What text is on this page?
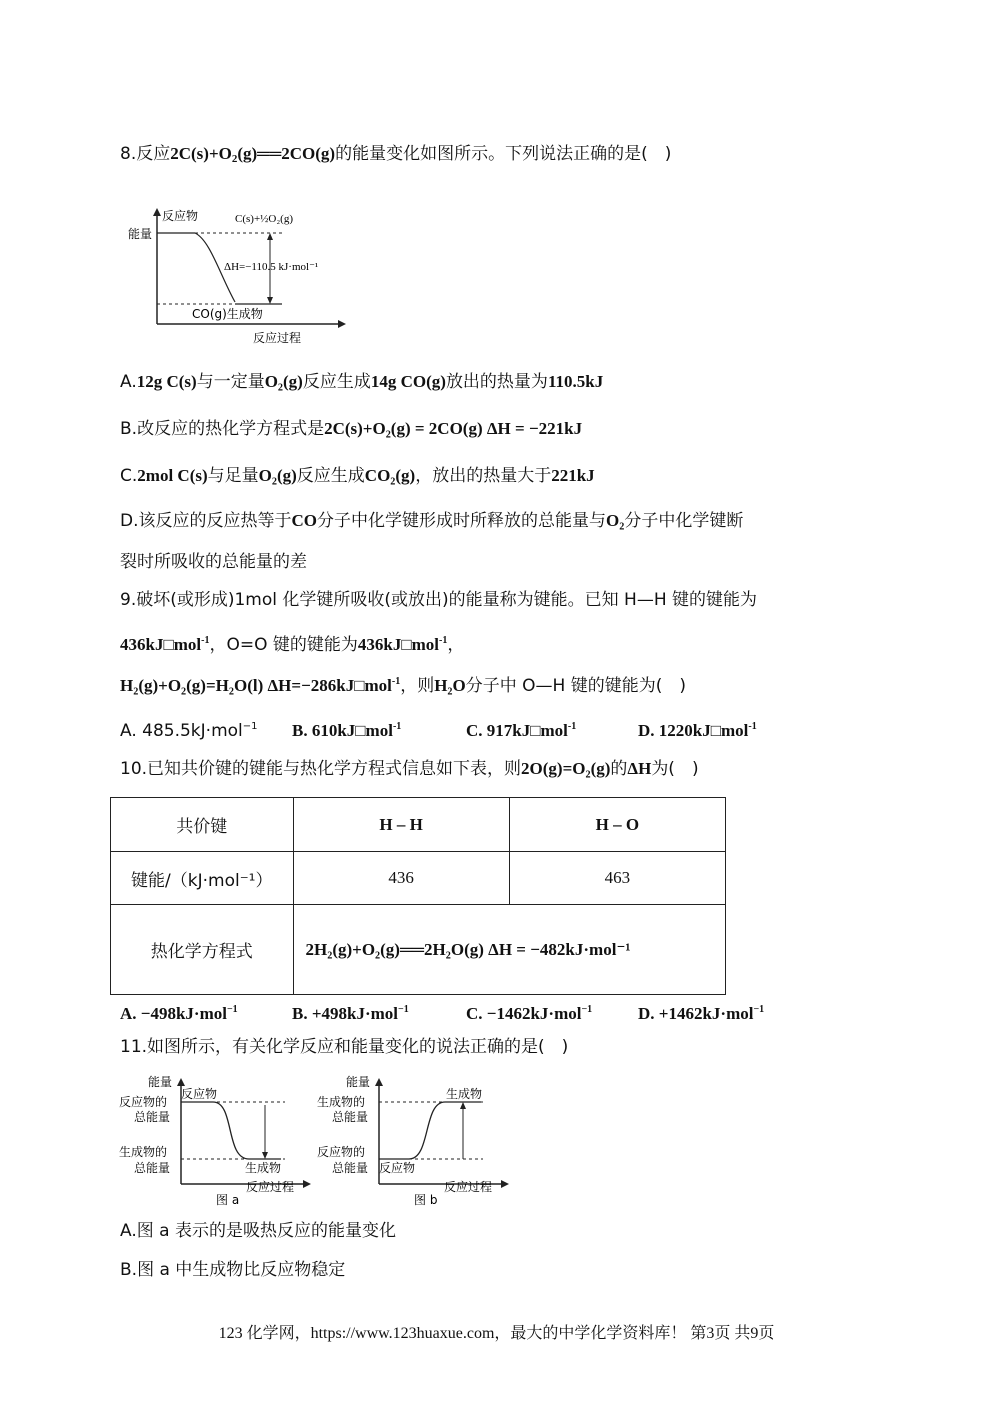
8.反应$2C(s)+O_2(g)══2CO(g)$的能量变化如图所示。下列说法正确的是(　)
能量
反应物	C(s)+½O₂(g)
ΔH=−110.5 kJ·mol⁻¹
CO(g)生成物
反应过程
A.12g C(s)与一定量O₂(g)反应生成14g CO(g)放出的热量为110.5kJ
B.改反应的热化学方程式是2C(s)+O₂(g) = 2CO(g) ΔH = −221kJ
C.2mol C(s)与足量O₂(g)反应生成CO₂(g)，放出的热量大于221kJ
D.该反应的反应热等于CO分子中化学键形成时所释放的总能量与O₂分子中化学键断
裂时所吸收的总能量的差
9.破坏(或形成)1mol 化学键所吸收(或放出)的能量称为键能。已知 H—H 键的键能为
436kJ□mol$^{-1}$，O=O 键的键能为436kJ□mol$^{-1}$，
H₂(g)+O₂(g)=H₂O(l) ΔH=−286kJ□mol$^{-1}$，则H₂O分子中 O—H 键的键能为(　)
A. 485.5kJ·mol$^{-1}$ B. 610kJ□mol$^{-1}$	C. 917kJ□mol$^{-1}$	D. 1220kJ□mol$^{-1}$
10.已知共价键的键能与热化学方程式信息如下表，则2O(g)=O₂(g)的ΔH为(　)
共价键	H – H	H – O
键能/（kJ·mol⁻¹）	436	463
热化学方程式	2H₂(g)+O₂(g)══2H₂O(g) ΔH = −482kJ·mol⁻¹	
A. −498kJ·mol$^{-1}$	B. +498kJ·mol$^{-1}$	C. −1462kJ·mol$^{-1}$	D. +1462kJ·mol$^{-1}$
11.如图所示，有关化学反应和能量变化的说法正确的是(　)
能量
反应物的
总能量
生成物的
总能量
反应物
生成物
反应过程
图 a
能量
生成物的
总能量
反应物的
总能量 反应物
生成物
反应过程
图 b
A.图 a 表示的是吸热反应的能量变化
B.图 a 中生成物比反应物稳定
123 化学网，https://www.123huaxue.com，最大的中学化学资料库！ 第3页 共9页
